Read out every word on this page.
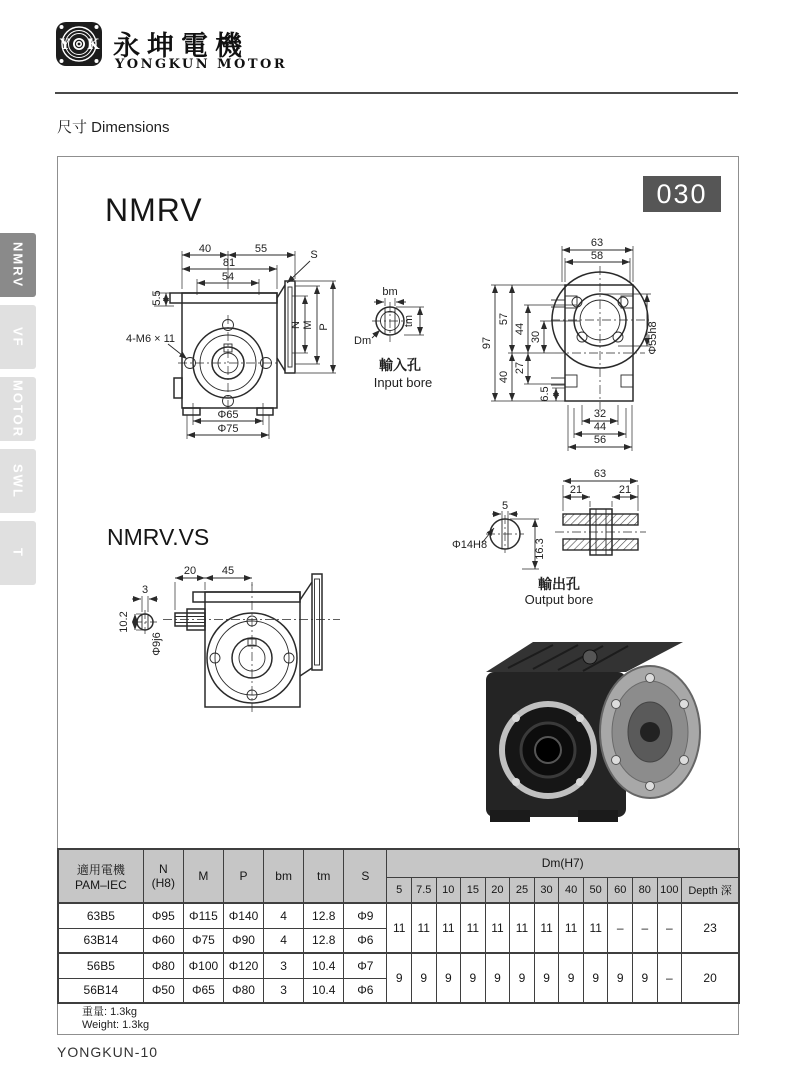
Y K 永坤電機
YONGKUN MOTOR
尺寸 Dimensions
NMRV
VF
MOTOR
SWL
T
NMRV	030
40	55
81
54
5.5
S
N M P
4-M6 × 11
Φ65
Φ75
bm
tm
Dm
輸入孔
Input bore
63
58
97
57
44
30
40
27
6.5
Φ55h8
32
44
56
NMRV.VS
3
10.2
Φ9j6
20 45
5
Φ14H8	16.3
63
21	21
輸出孔
Output bore
適用電機
PAM–IEC

N
(H8)	M	P	bm	tm	S	Dm(H7)
							5	7.5	10	15	20	25	30	40	50	60	80	100	Depth 深
63B5	Φ95	Φ115	Φ140	4	12.8	Φ9	11	11	11	11	11	11	11	11	11	–	–	–	23
63B14	Φ60	Φ75	Φ90	4	12.8	Φ6													
56B5	Φ80	Φ100	Φ120	3	10.4	Φ7	9	9	9	9	9	9	9	9	9	9	9	–	20
56B14	Φ50	Φ65	Φ80	3	10.4	Φ6													
重量: 1.3kg
Weight: 1.3kg
YONGKUN-10
